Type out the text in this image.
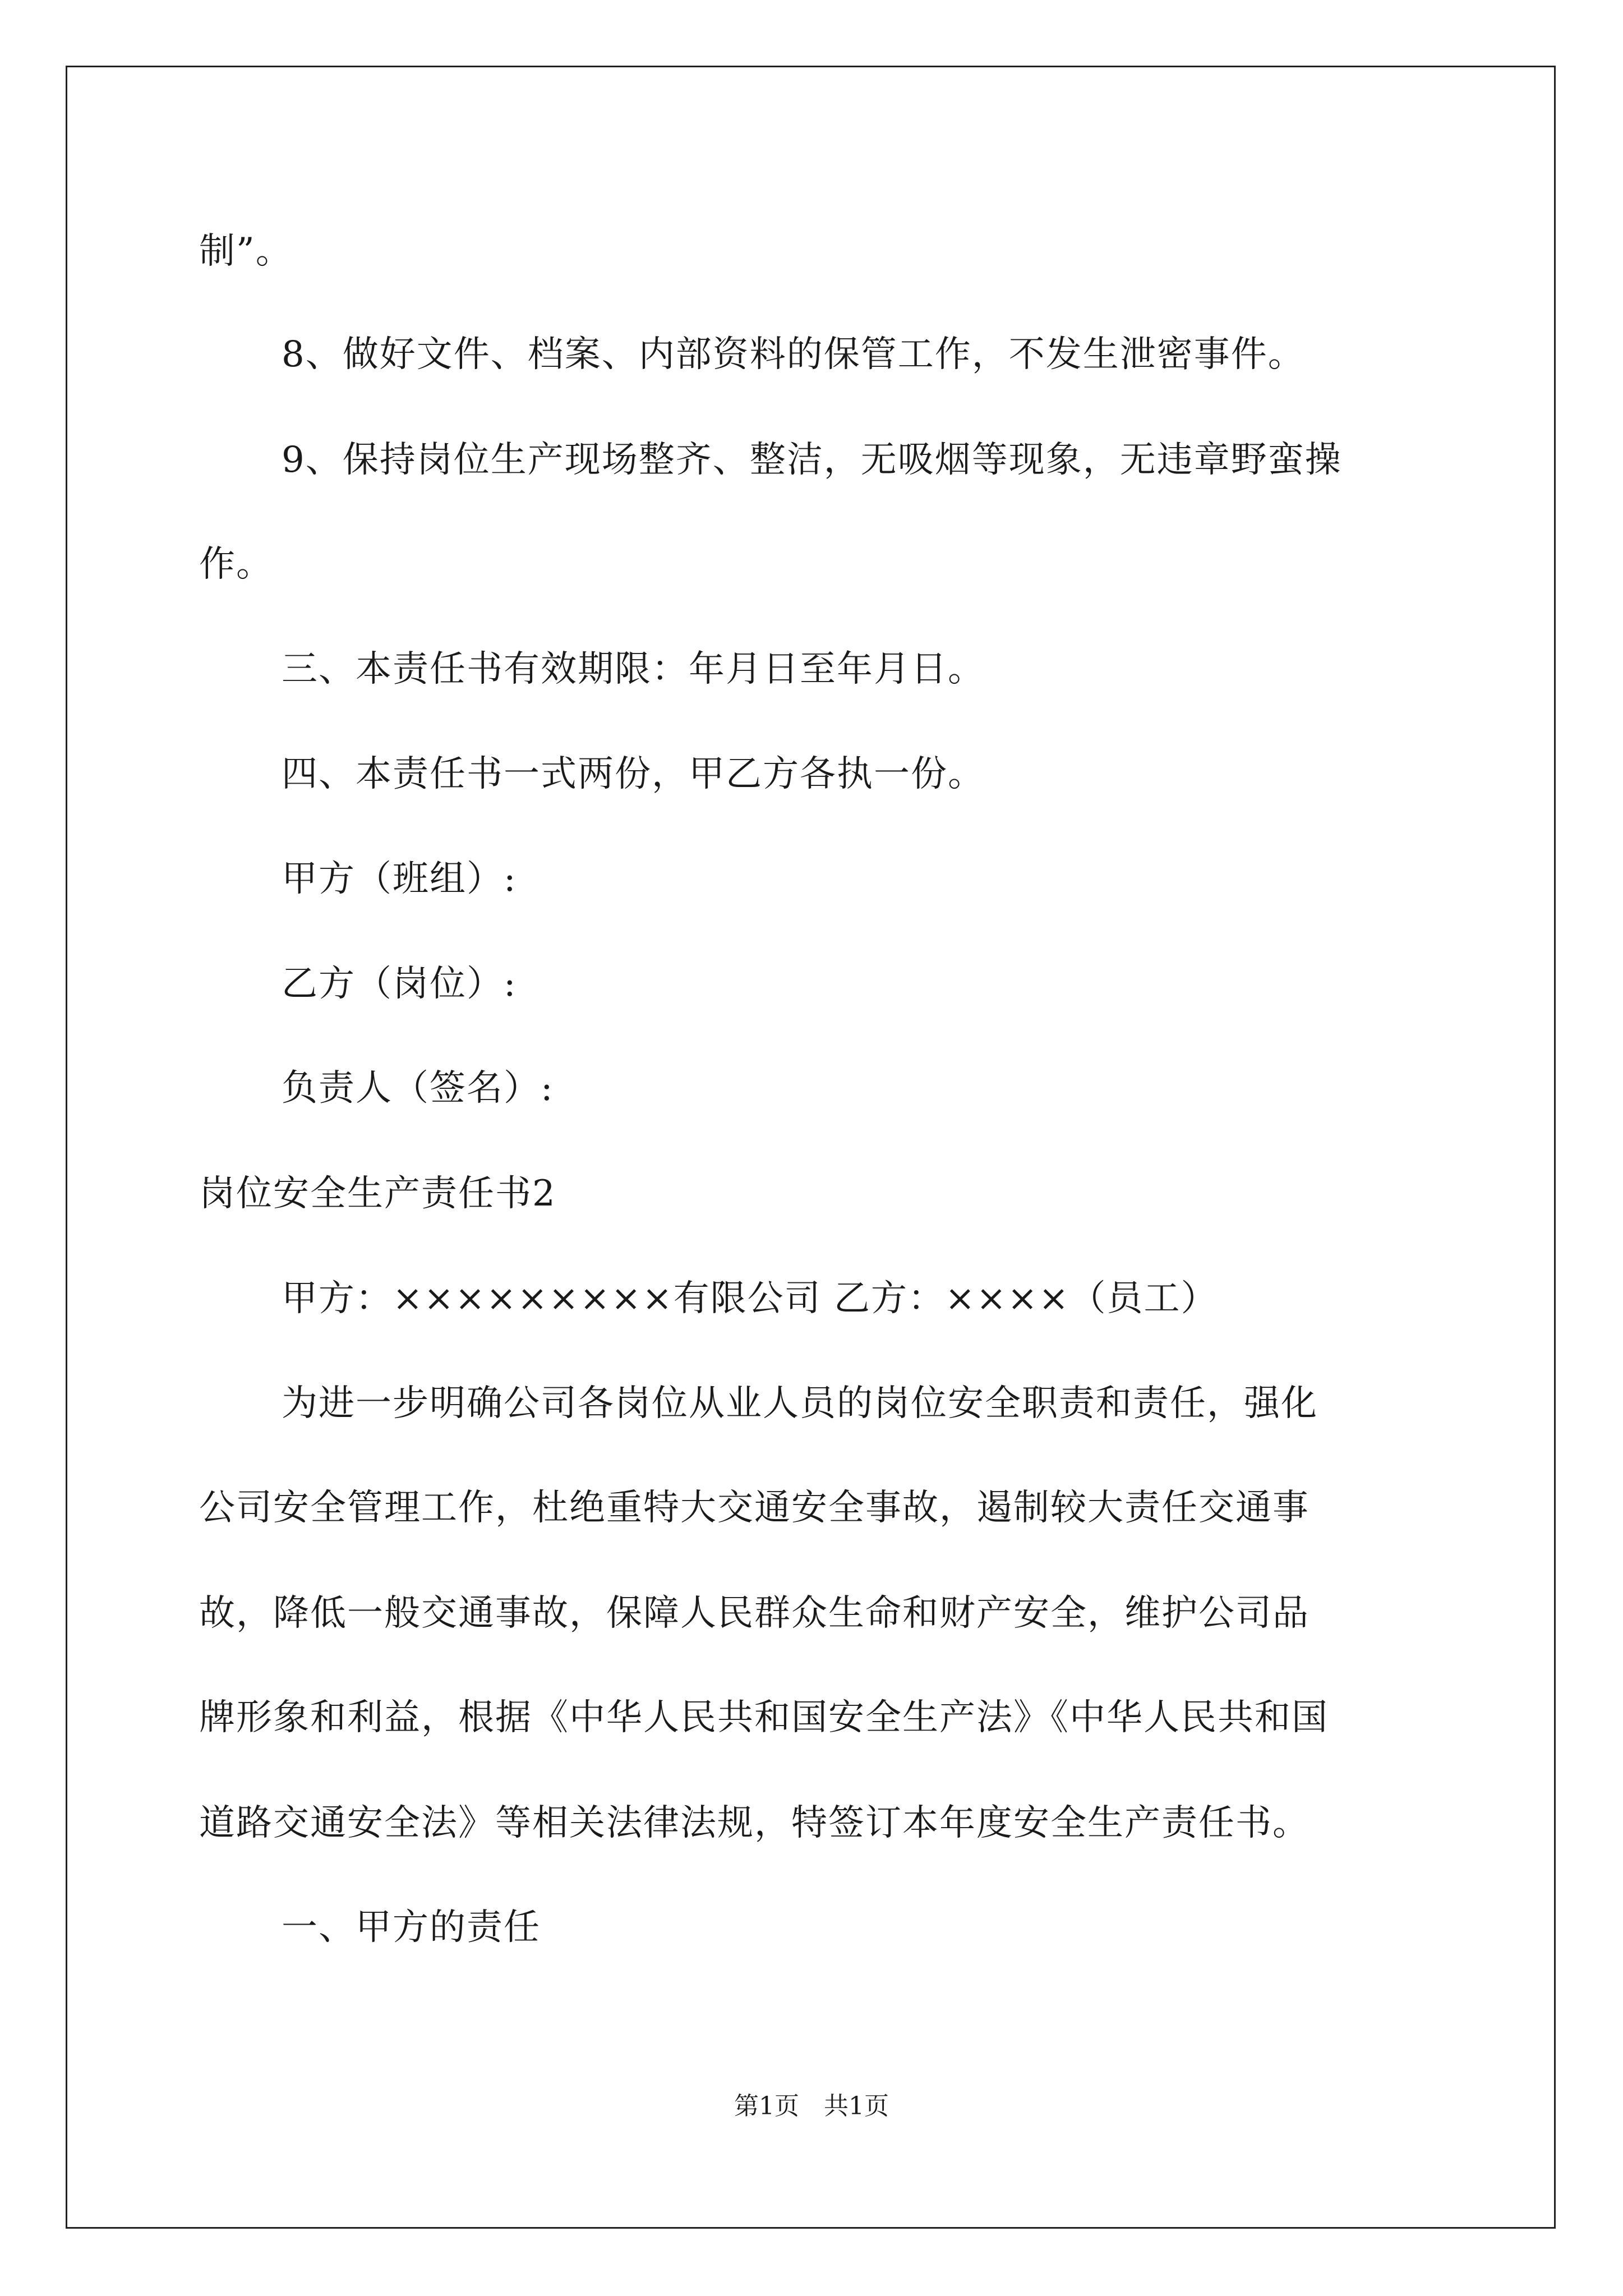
制”。
8、做好文件、档案、内部资料的保管工作，不发生泄密事件。
9、保持岗位生产现场整齐、整洁，无吸烟等现象，无违章野蛮操
作。
三、本责任书有效期限：年月日至年月日。
四、本责任书一式两份，甲乙方各执一份。
甲方（班组）:
乙方（岗位）:
负责人（签名）:
岗位安全生产责任书2
甲方：×××××××××有限公司 乙方：××××（员工）
为进一步明确公司各岗位从业人员的岗位安全职责和责任，强化
公司安全管理工作，杜绝重特大交通安全事故，遏制较大责任交通事
故，降低一般交通事故，保障人民群众生命和财产安全，维护公司品
牌形象和利益，根据《中华人民共和国安全生产法》《中华人民共和国
道路交通安全法》等相关法律法规，特签订本年度安全生产责任书。
一、甲方的责任
第1页　共1页
